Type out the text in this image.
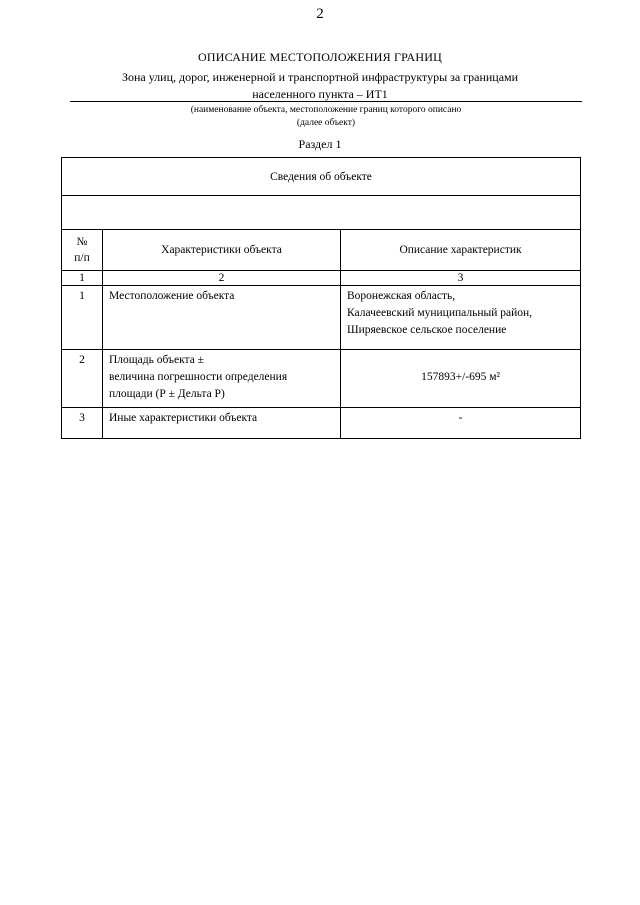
2
ОПИСАНИЕ МЕСТОПОЛОЖЕНИЯ ГРАНИЦ
Зона улиц, дорог, инженерной и транспортной инфраструктуры за границами
населенного пункта – ИТ1
(наименование объекта, местоположение границ которого описано
(далее объект)
Раздел 1
Сведения об объекте		

№
п/п	Характеристики объекта	Описание характеристик
1	2	3
1	Местоположение объекта	Воронежская область,
Калачеевский муниципальный район,
Ширяевское сельское поселение

2	Площадь объекта ±
величина погрешности определения
площади (Р ± Дельта Р)	157893+/-695 м²

3	Иные характеристики объекта	-
